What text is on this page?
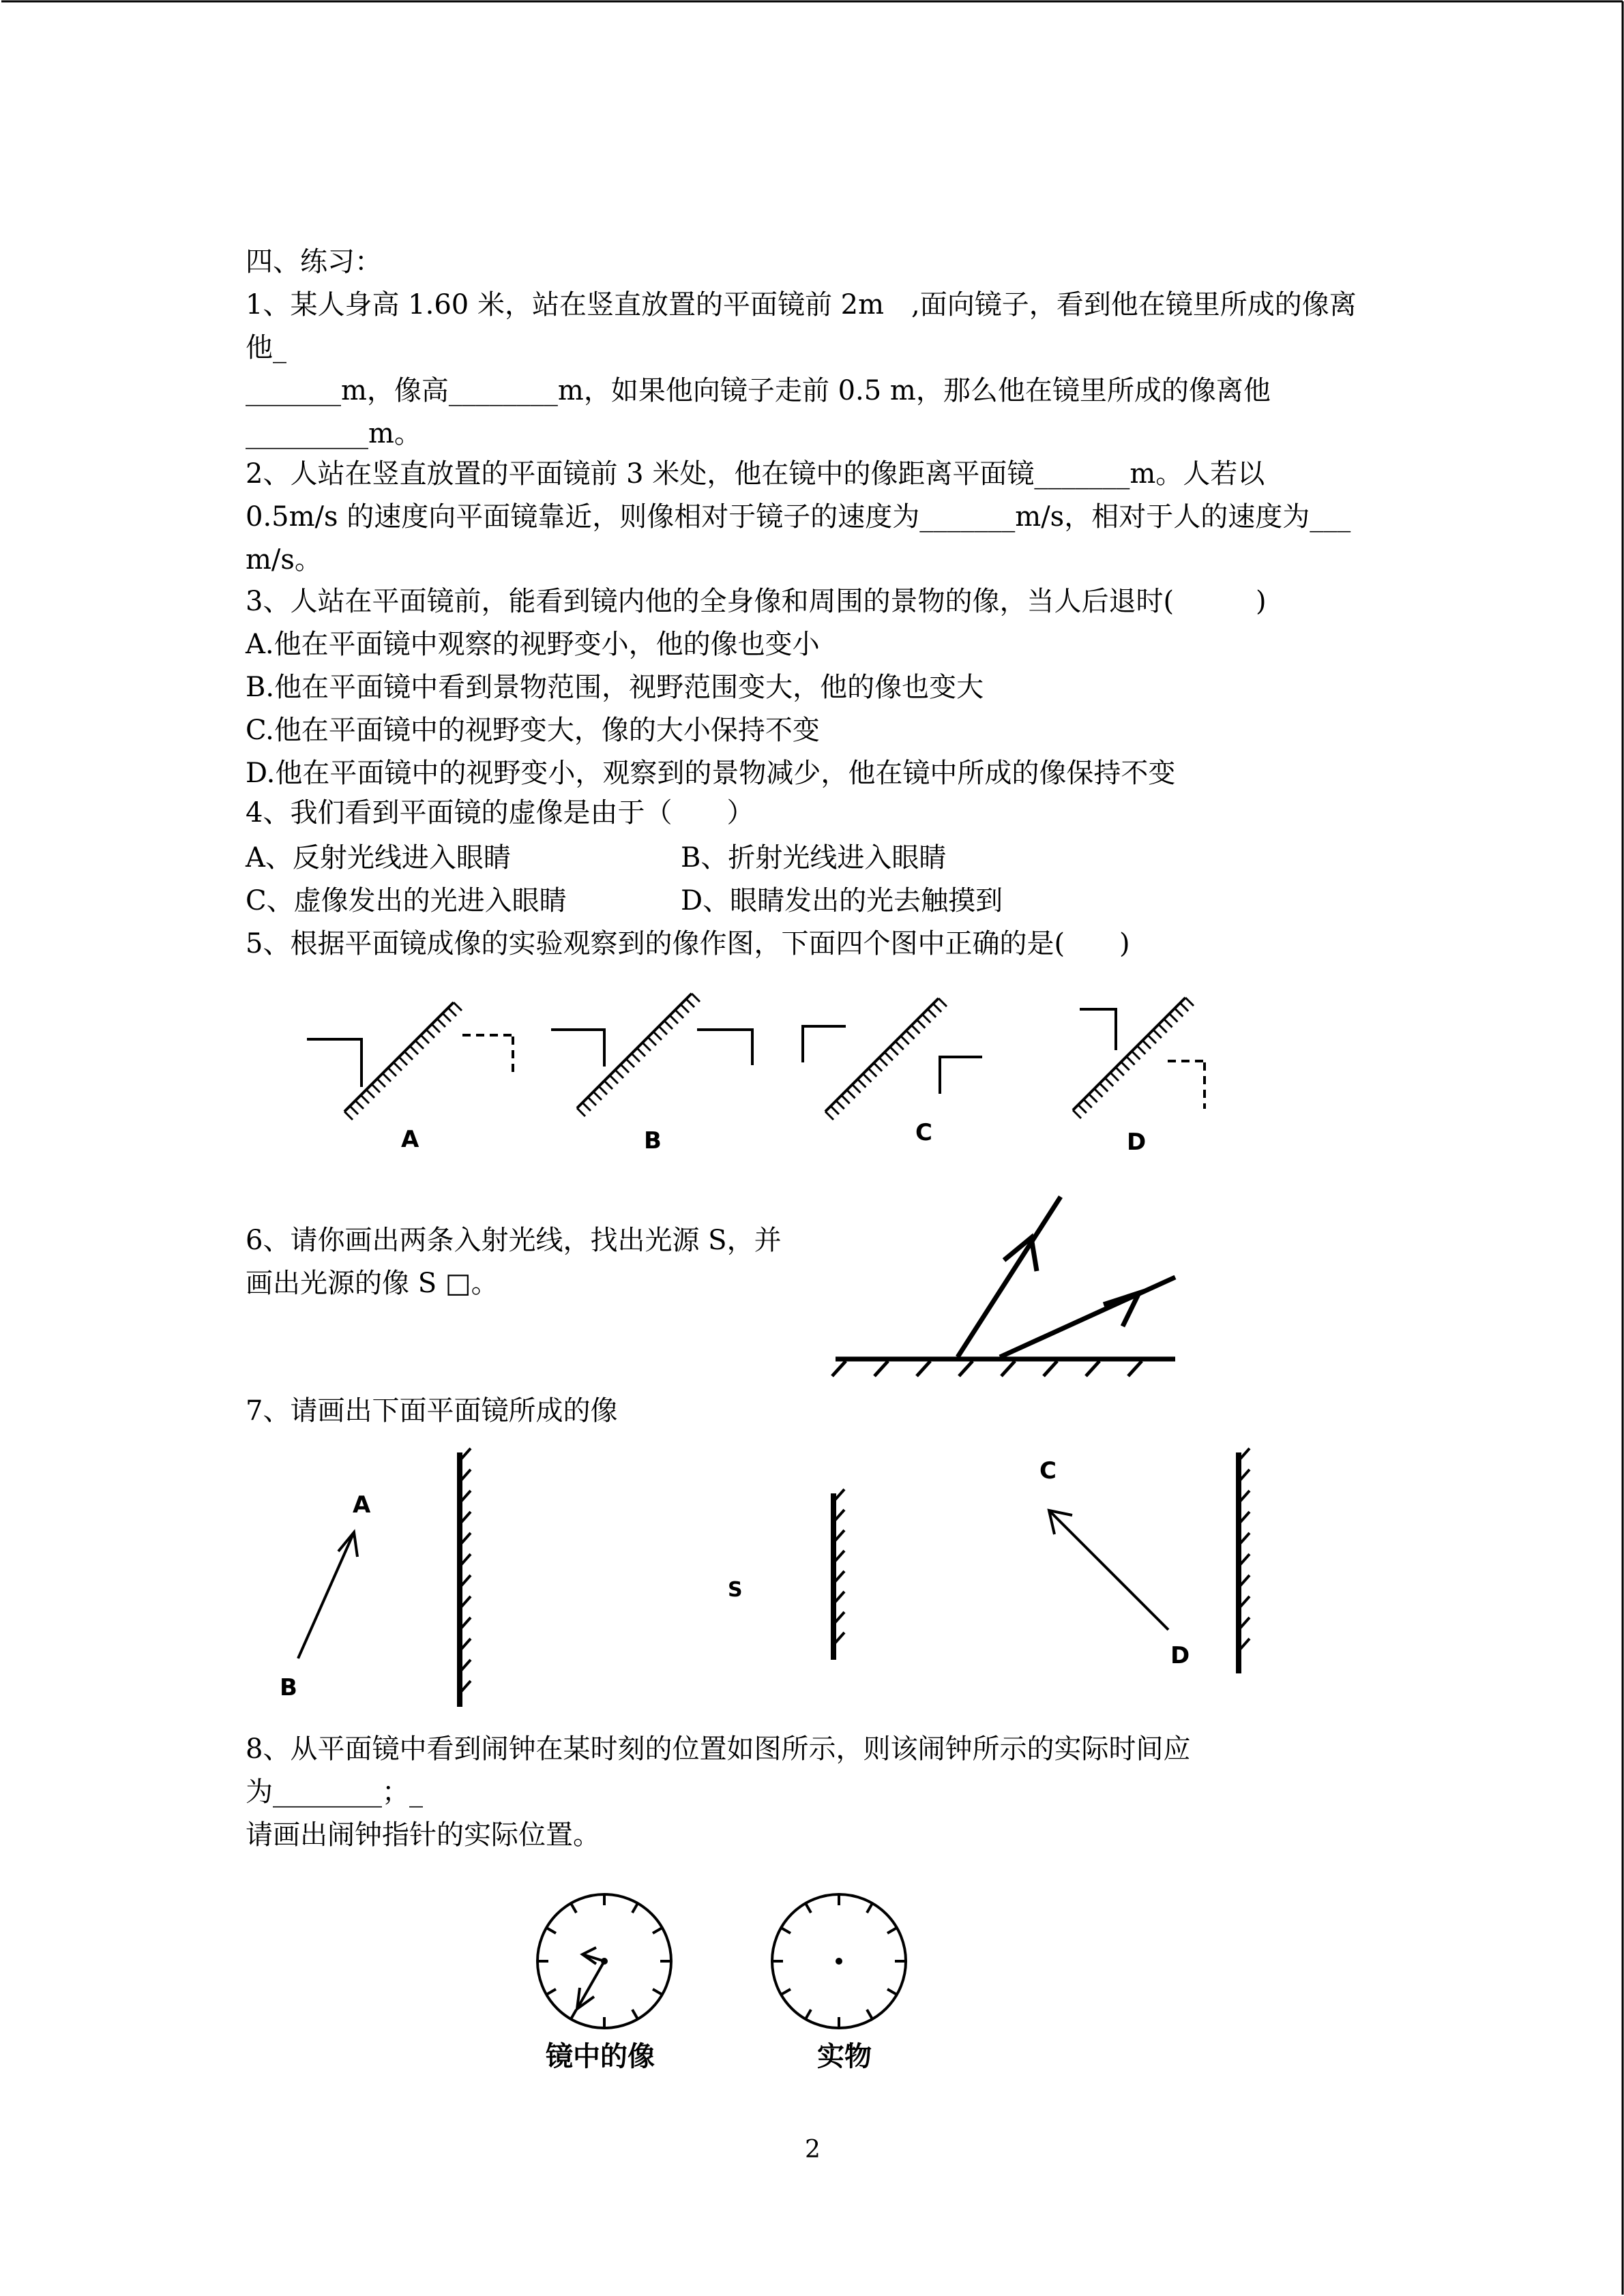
四、练习：
1、某人身高 1.60 米，站在竖直放置的平面镜前 2m　,面向镜子，看到他在镜里所成的像离
他_
_______m，像高________m，如果他向镜子走前 0.5 m，那么他在镜里所成的像离他
_________m。
2、人站在竖直放置的平面镜前 3 米处，他在镜中的像距离平面镜_______m。人若以
0.5m/s 的速度向平面镜靠近，则像相对于镜子的速度为_______m/s，相对于人的速度为___
m/s。
3、人站在平面镜前，能看到镜内他的全身像和周围的景物的像，当人后退时(　　　)
A.他在平面镜中观察的视野变小，他的像也变小
B.他在平面镜中看到景物范围，视野范围变大，他的像也变大
C.他在平面镜中的视野变大，像的大小保持不变
D.他在平面镜中的视野变小，观察到的景物减少，他在镜中所成的像保持不变
4、我们看到平面镜的虚像是由于（　　）
A、反射光线进入眼睛	B、折射光线进入眼睛
C、虚像发出的光进入眼睛	D、眼睛发出的光去触摸到
5、根据平面镜成像的实验观察到的像作图，下面四个图中正确的是(　　)
A	B	C	D
6、请你画出两条入射光线，找出光源 S，并
画出光源的像 S □。
7、请画出下面平面镜所成的像
A
B
S
C
D
8、从平面镜中看到闹钟在某时刻的位置如图所示，则该闹钟所示的实际时间应
为________；_
请画出闹钟指针的实际位置。
镜中的像	实物
2
